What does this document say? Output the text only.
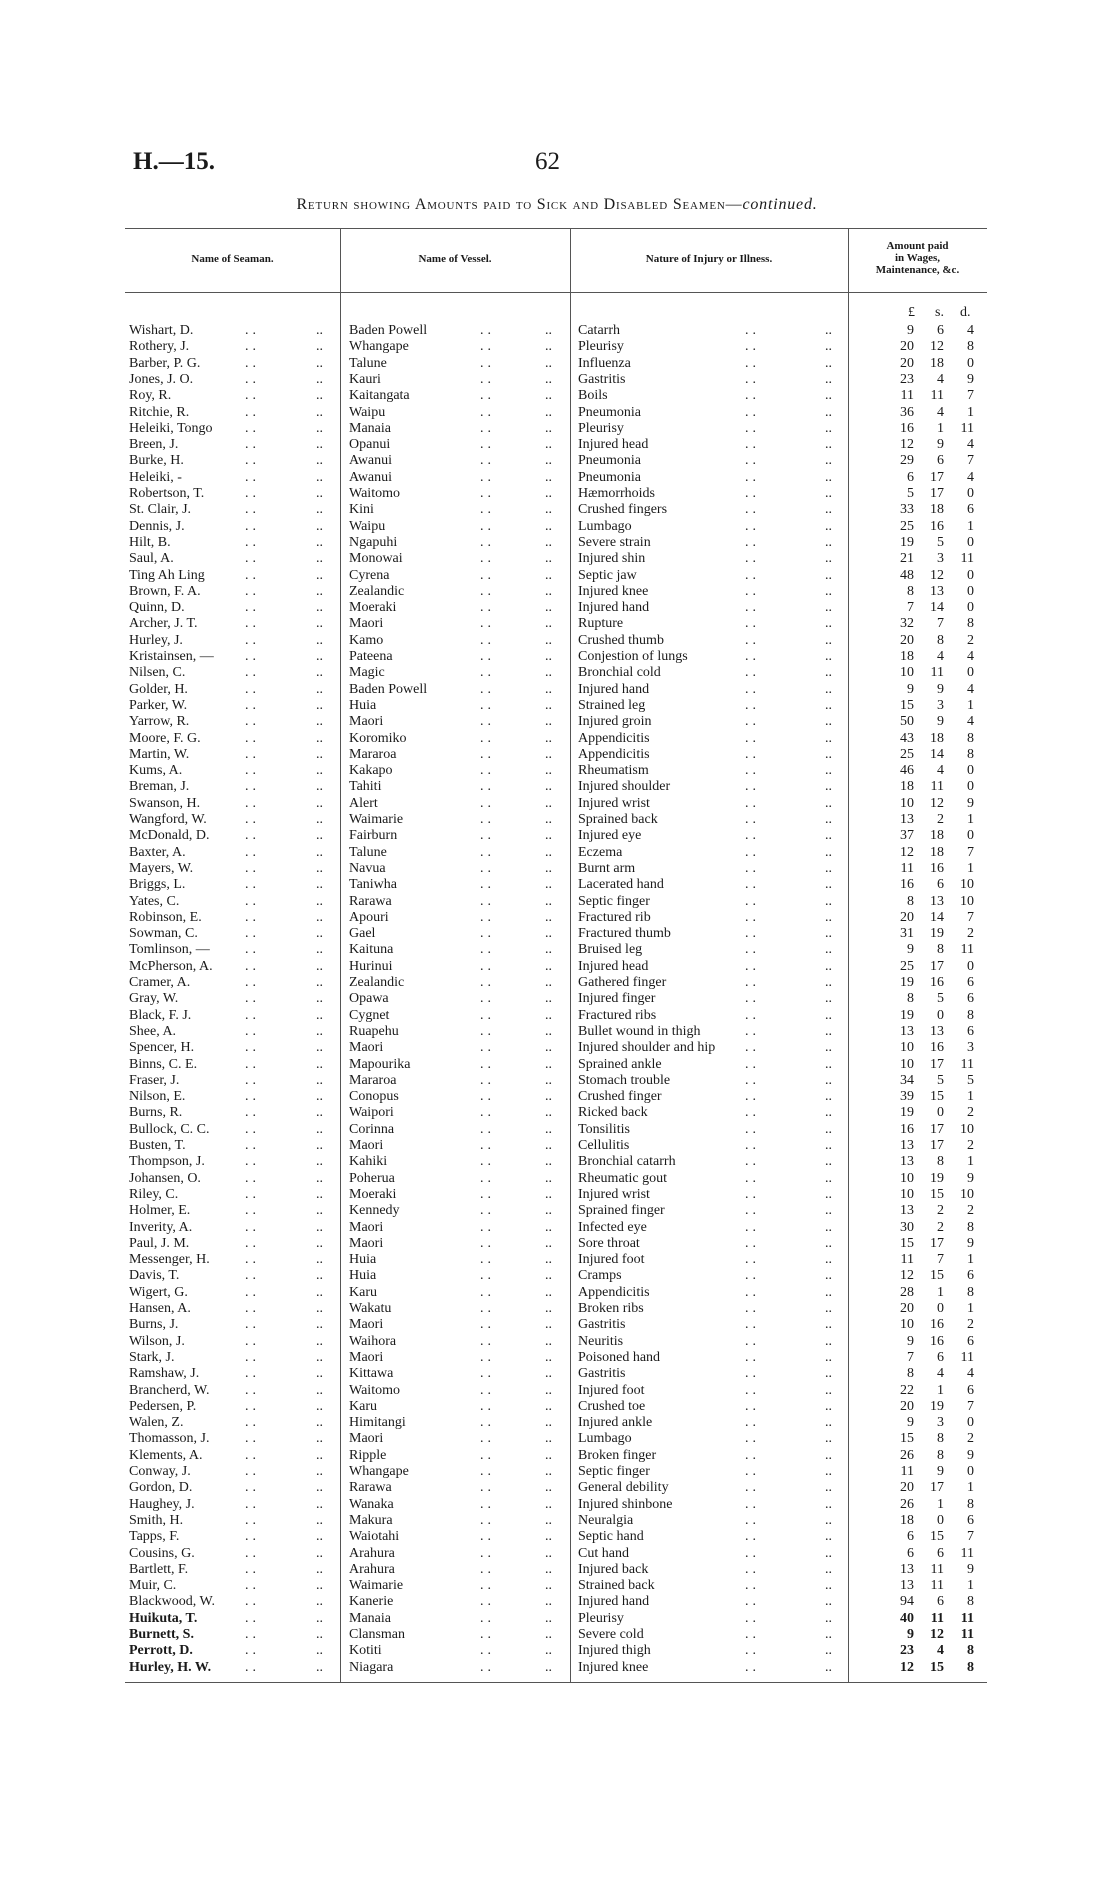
H.—15.	62
Return showing Amounts paid to Sick and Disabled Seamen—continued.
Name of Seaman.	Name of Vessel.	Nature of Injury or Illness.
Amount paid
in Wages,
Maintenance, &c.
£ s. d.
Wishart, D.	..	.. Baden Powell	..	.. Catarrh	..	..	9	6	4
Rothery, J.	..	.. Whangape	..	.. Pleurisy	..	..	20	12	8
Barber, P. G.	..	.. Talune	..	.. Influenza	..	..	20	18	0
Jones, J. O.	..	.. Kauri	..	.. Gastritis	..	..	23	4	9
Roy, R.	..	.. Kaitangata	..	.. Boils	..	..	11	11	7
Ritchie, R.	..	.. Waipu	..	.. Pneumonia	..	..	36	4	1
Heleiki, Tongo ..	.. Manaia	..	.. Pleurisy	..	..	16	1	11
Breen, J.	..	.. Opanui	..	.. Injured head	..	..	12	9	4
Burke, H.	..	.. Awanui	..	.. Pneumonia	..	..	29	6	7
Heleiki, -	..	.. Awanui	..	.. Pneumonia	..	..	6	17	4
Robertson, T.	..	.. Waitomo	..	.. Hæmorrhoids	..	..	5	17	0
St. Clair, J.	..	.. Kini	..	.. Crushed fingers	..	..	33	18	6
Dennis, J.	..	.. Waipu	..	.. Lumbago	..	..	25	16	1
Hilt, B.	..	.. Ngapuhi	..	.. Severe strain	..	..	19	5	0
Saul, A.	..	.. Monowai	..	.. Injured shin	..	..	21	3	11
Ting Ah Ling	..	.. Cyrena	..	.. Septic jaw	..	..	48	12	0
Brown, F. A.	..	.. Zealandic	..	.. Injured knee	..	..	8	13	0
Quinn, D.	..	.. Moeraki	..	.. Injured hand	..	..	7	14	0
Archer, J. T.	..	.. Maori	..	.. Rupture	..	..	32	7	8
Hurley, J.	..	.. Kamo	..	.. Crushed thumb	..	..	20	8	2
Kristainsen, — ..	.. Pateena	..	.. Conjestion of lungs	..	..	18	4	4
Nilsen, C.	..	.. Magic	..	.. Bronchial cold	..	..	10	11	0
Golder, H.	..	.. Baden Powell	..	.. Injured hand	..	..	9	9	4
Parker, W.	..	.. Huia	..	.. Strained leg	..	..	15	3	1
Yarrow, R.	..	.. Maori	..	.. Injured groin	..	..	50	9	4
Moore, F. G.	..	.. Koromiko	..	.. Appendicitis	..	..	43	18	8
Martin, W.	..	.. Mararoa	..	.. Appendicitis	..	..	25	14	8
Kums, A.	..	.. Kakapo	..	.. Rheumatism	..	..	46	4	0
Breman, J.	..	.. Tahiti	..	.. Injured shoulder	..	..	18	11	0
Swanson, H.	..	.. Alert	..	.. Injured wrist	..	..	10	12	9
Wangford, W.	..	.. Waimarie	..	.. Sprained back	..	..	13	2	1
McDonald, D.	..	.. Fairburn	..	.. Injured eye	..	..	37	18	0
Baxter, A.	..	.. Talune	..	.. Eczema	..	..	12	18	7
Mayers, W.	..	.. Navua	..	.. Burnt arm	..	..	11	16	1
Briggs, L.	..	.. Taniwha	..	.. Lacerated hand	..	..	16	6	10
Yates, C.	..	.. Rarawa	..	.. Septic finger	..	..	8	13	10
Robinson, E.	..	.. Apouri	..	.. Fractured rib	..	..	20	14	7
Sowman, C.	..	.. Gael	..	.. Fractured thumb	..	..	31	19	2
Tomlinson, —	..	.. Kaituna	..	.. Bruised leg	..	..	9	8	11
McPherson, A. ..	.. Hurinui	..	.. Injured head	..	..	25	17	0
Cramer, A.	..	.. Zealandic	..	.. Gathered finger	..	..	19	16	6
Gray, W.	..	.. Opawa	..	.. Injured finger	..	..	8	5	6
Black, F. J.	..	.. Cygnet	..	.. Fractured ribs	..	..	19	0	8
Shee, A.	..	.. Ruapehu	..	.. Bullet wound in thigh	..	..	13	13	6
Spencer, H.	..	.. Maori	..	.. Injured shoulder and hip ..	..	10	16	3
Binns, C. E.	..	.. Mapourika	..	.. Sprained ankle	..	..	10	17	11
Fraser, J.	..	.. Mararoa	..	.. Stomach trouble	..	..	34	5	5
Nilson, E.	..	.. Conopus	..	.. Crushed finger	..	..	39	15	1
Burns, R.	..	.. Waipori	..	.. Ricked back	..	..	19	0	2
Bullock, C. C.	..	.. Corinna	..	.. Tonsilitis	..	..	16	17	10
Busten, T.	..	.. Maori	..	.. Cellulitis	..	..	13	17	2
Thompson, J.	..	.. Kahiki	..	.. Bronchial catarrh	..	..	13	8	1
Johansen, O.	..	.. Poherua	..	.. Rheumatic gout	..	..	10	19	9
Riley, C.	..	.. Moeraki	..	.. Injured wrist	..	..	10	15	10
Holmer, E.	..	.. Kennedy	..	.. Sprained finger	..	..	13	2	2
Inverity, A.	..	.. Maori	..	.. Infected eye	..	..	30	2	8
Paul, J. M.	..	.. Maori	..	.. Sore throat	..	..	15	17	9
Messenger, H.	..	.. Huia	..	.. Injured foot	..	..	11	7	1
Davis, T.	..	.. Huia	..	.. Cramps	..	..	12	15	6
Wigert, G.	..	.. Karu	..	.. Appendicitis	..	..	28	1	8
Hansen, A.	..	.. Wakatu	..	.. Broken ribs	..	..	20	0	1
Burns, J.	..	.. Maori	..	.. Gastritis	..	..	10	16	2
Wilson, J.	..	.. Waihora	..	.. Neuritis	..	..	9	16	6
Stark, J.	..	.. Maori	..	.. Poisoned hand	..	..	7	6	11
Ramshaw, J.	..	.. Kittawa	..	.. Gastritis	..	..	8	4	4
Brancherd, W.	..	.. Waitomo	..	.. Injured foot	..	..	22	1	6
Pedersen, P.	..	.. Karu	..	.. Crushed toe	..	..	20	19	7
Walen, Z.	..	.. Himitangi	..	.. Injured ankle	..	..	9	3	0
Thomasson, J.	..	.. Maori	..	.. Lumbago	..	..	15	8	2
Klements, A.	..	.. Ripple	..	.. Broken finger	..	..	26	8	9
Conway, J.	..	.. Whangape	..	.. Septic finger	..	..	11	9	0
Gordon, D.	..	.. Rarawa	..	.. General debility	..	..	20	17	1
Haughey, J.	..	.. Wanaka	..	.. Injured shinbone	..	..	26	1	8
Smith, H.	..	.. Makura	..	.. Neuralgia	..	..	18	0	6
Tapps, F.	..	.. Waiotahi	..	.. Septic hand	..	..	6	15	7
Cousins, G.	..	.. Arahura	..	.. Cut hand	..	..	6	6	11
Bartlett, F.	..	.. Arahura	..	.. Injured back	..	..	13	11	9
Muir, C.	..	.. Waimarie	..	.. Strained back	..	..	13	11	1
Blackwood, W. ..	.. Kanerie	..	.. Injured hand	..	..	94	6	8
Huikuta, T.	..	.. Manaia	..	.. Pleurisy	..	..	40	11	11
Burnett, S.	..	.. Clansman	..	.. Severe cold	..	..	9	12	11
Perrott, D.	..	.. Kotiti	..	.. Injured thigh	..	..	23	4	8
Hurley, H. W. ..	.. Niagara	..	.. Injured knee	..	..	12	15	8
